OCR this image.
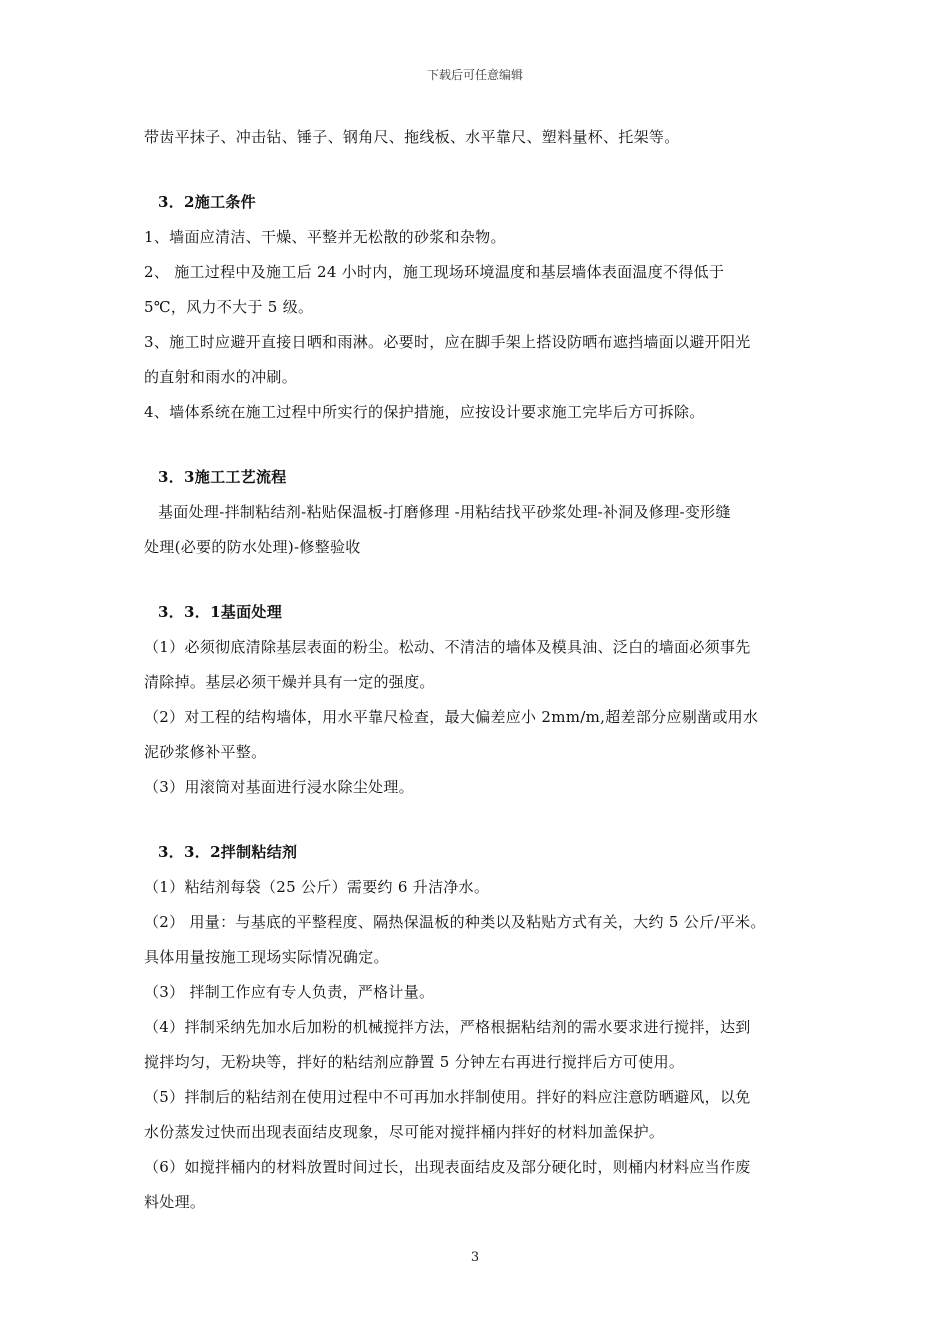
下载后可任意编辑
带齿平抹子、冲击钻、锤子、钢角尺、拖线板、水平靠尺、塑料量杯、托架等。
3．2施工条件
1、墙面应清洁、干燥、平整并无松散的砂浆和杂物。
2、 施工过程中及施工后 24 小时内，施工现场环境温度和基层墙体表面温度不得低于
5℃，风力不大于 5 级。
3、施工时应避开直接日晒和雨淋。必要时，应在脚手架上搭设防晒布遮挡墙面以避开阳光
的直射和雨水的冲刷。
4、墙体系统在施工过程中所实行的保护措施，应按设计要求施工完毕后方可拆除。
3．3施工工艺流程
基面处理-拌制粘结剂-粘贴保温板-打磨修理 -用粘结找平砂浆处理-补洞及修理-变形缝
处理(必要的防水处理)-修整验收
3．3．1基面处理
（1）必须彻底清除基层表面的粉尘。松动、不清洁的墙体及模具油、泛白的墙面必须事先
清除掉。基层必须干燥并具有一定的强度。
（2）对工程的结构墙体，用水平靠尺检查，最大偏差应小 2mm/m,超差部分应剔凿或用水
泥砂浆修补平整。
（3）用滚筒对基面进行浸水除尘处理。
3．3．2拌制粘结剂
（1）粘结剂每袋（25 公斤）需要约 6 升洁净水。
（2） 用量：与基底的平整程度、隔热保温板的种类以及粘贴方式有关，大约 5 公斤/平米。
具体用量按施工现场实际情况确定。
（3） 拌制工作应有专人负责，严格计量。
（4）拌制采纳先加水后加粉的机械搅拌方法，严格根据粘结剂的需水要求进行搅拌，达到
搅拌均匀，无粉块等，拌好的粘结剂应静置 5 分钟左右再进行搅拌后方可使用。
（5）拌制后的粘结剂在使用过程中不可再加水拌制使用。拌好的料应注意防晒避风，以免
水份蒸发过快而出现表面结皮现象，尽可能对搅拌桶内拌好的材料加盖保护。
（6）如搅拌桶内的材料放置时间过长，出现表面结皮及部分硬化时，则桶内材料应当作废
料处理。
3
